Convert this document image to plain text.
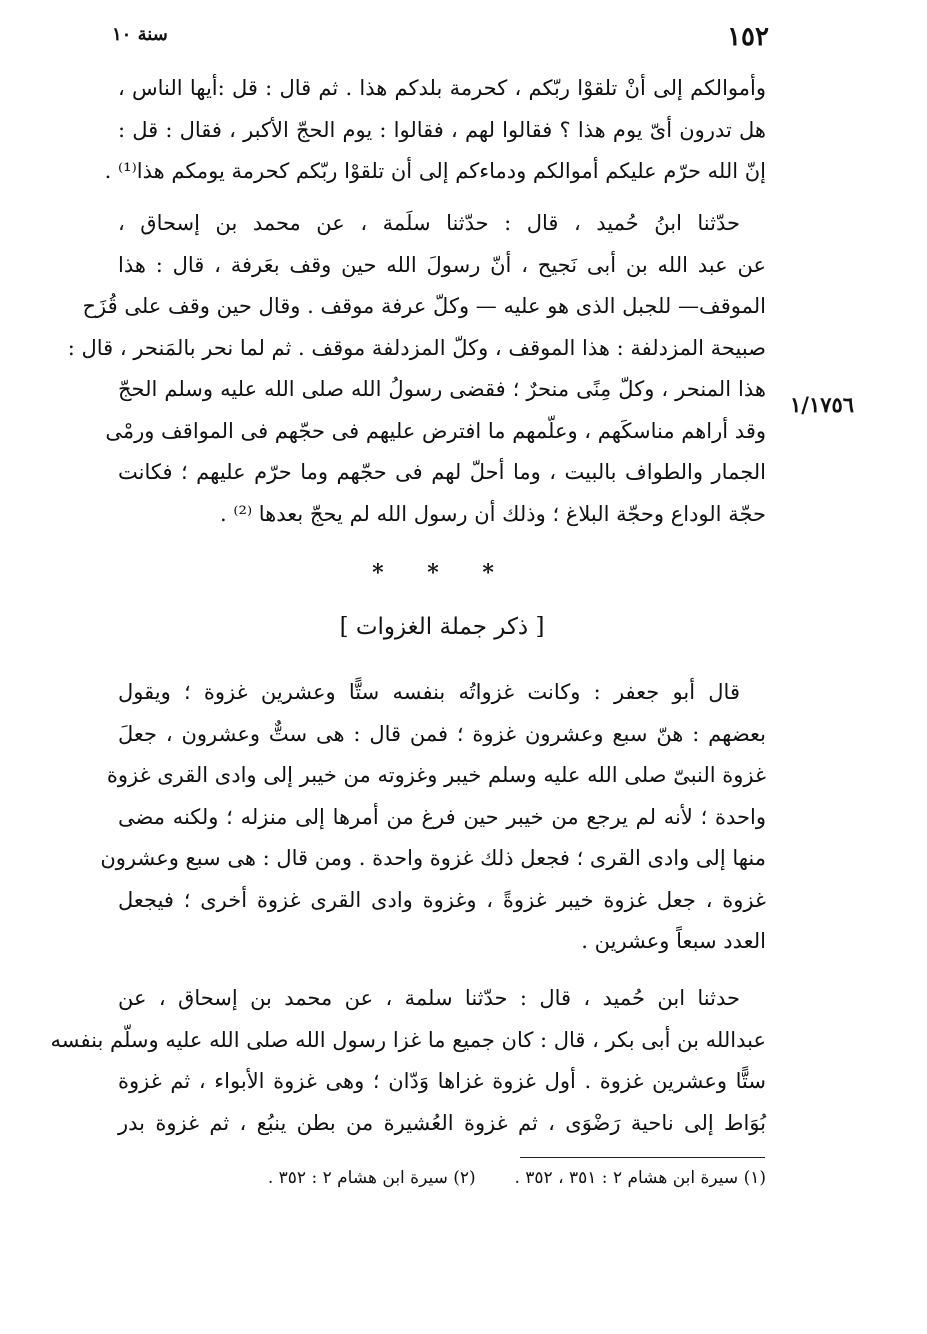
١٥٢
سنة ١٠
١/١٧٥٦
وأموالكم إلى أنْ تلقوْا ربّكم ، كحرمة بلدكم هذا . ثم قال : قل :أيها الناس ،
هل تدرون أىّ يوم هذا ؟ فقالوا لهم ، فقالوا : يوم الحجّ الأكبر ، فقال : قل :
إنّ الله حرّم عليكم أموالكم ودماءكم إلى أن تلقوْا ربّكم كحرمة يومكم هذا⁽¹⁾ .
حدّثنا ابنُ حُميد ، قال : حدّثنا سلَمة ، عن محمد بن إسحاق ،
عن عبد الله بن أبى نَجيح ، أنّ رسولَ الله حين وقف بعَرفة ، قال : هذا
الموقف— للجبل الذى هو عليه — وكلّ عرفة موقف . وقال حين وقف على قُزَح
صبيحة المزدلفة : هذا الموقف ، وكلّ المزدلفة موقف . ثم لما نحر بالمَنحر ، قال :
هذا المنحر ، وكلّ مِنًى منحرٌ ؛ فقضى رسولُ الله صلى الله عليه وسلم الحجّ
وقد أراهم مناسكَهم ، وعلّمهم ما افترض عليهم فى حجّهم فى المواقف ورمْى
الجمار والطواف بالبيت ، وما أحلّ لهم فى حجّهم وما حرّم عليهم ؛ فكانت
حجّة الوداع وحجّة البلاغ ؛ وذلك أن رسول الله لم يحجّ بعدها ⁽²⁾ .
* * *
[ ذكر جملة الغزوات ]
قال أبو جعفر : وكانت غزواتُه بنفسه ستًّا وعشرين غزوة ؛ ويقول
بعضهم : هنّ سبع وعشرون غزوة ؛ فمن قال : هى ستٌّ وعشرون ، جعلَ
غزوة النبىّ صلى الله عليه وسلم خيبر وغزوته من خيبر إلى وادى القرى غزوة
واحدة ؛ لأنه لم يرجع من خيبر حين فرغ من أمرها إلى منزله ؛ ولكنه مضى
منها إلى وادى القرى ؛ فجعل ذلك غزوة واحدة . ومن قال : هى سبع وعشرون
غزوة ، جعل غزوة خيبر غزوةً ، وغزوة وادى القرى غزوة أخرى ؛ فيجعل
العدد سبعاً وعشرين .
حدثنا ابن حُميد ، قال : حدّثنا سلمة ، عن محمد بن إسحاق ، عن
عبدالله بن أبى بكر ، قال : كان جميع ما غزا رسول الله صلى الله عليه وسلّم بنفسه
ستًّا وعشرين غزوة . أول غزوة غزاها وَدّان ؛ وهى غزوة الأبواء ، ثم غزوة
بُوَاط إلى ناحية رَضْوَى ، ثم غزوة العُشيرة من بطن ينبُع ، ثم غزوة بدر
(١) سيرة ابن هشام ٢ : ٣٥١ ، ٣٥٢ .  (٢) سيرة ابن هشام ٢ : ٣٥٢ .
